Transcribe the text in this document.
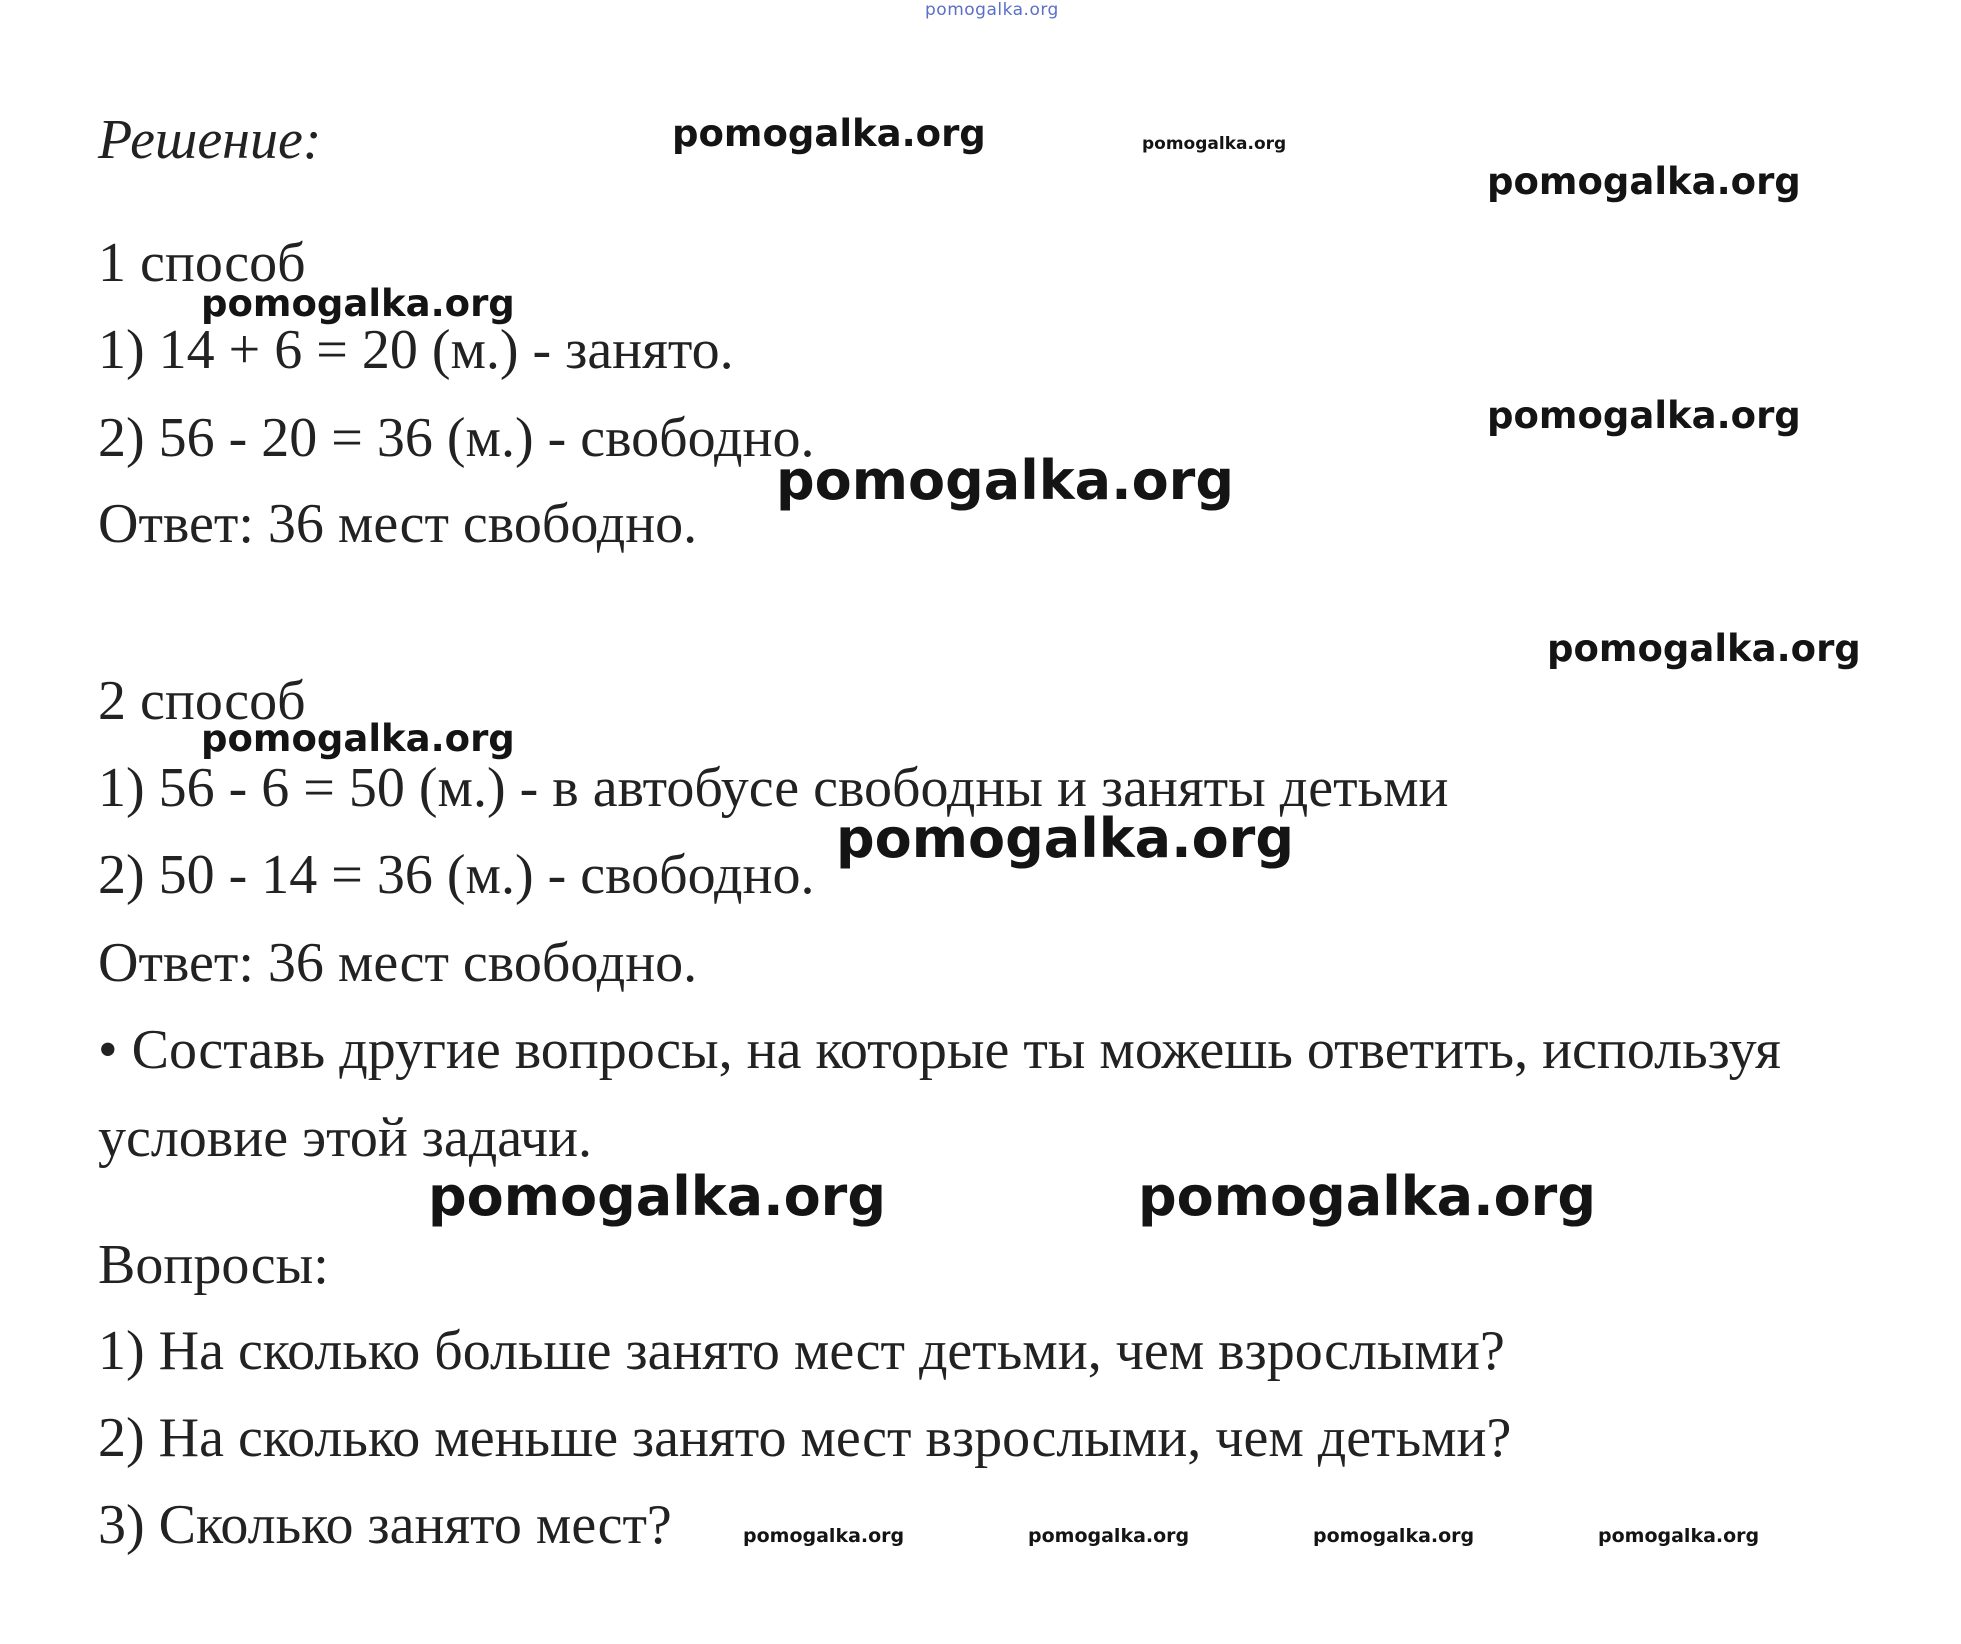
pomogalka.org
Решение:
1 способ
1) 14 + 6 = 20 (м.) - занято.
2) 56 - 20 = 36 (м.) - свободно.
Ответ: 36 мест свободно.
2 способ
1) 56 - 6 = 50 (м.) - в автобусе свободны и заняты детьми
2) 50 - 14 = 36 (м.) - свободно.
Ответ: 36 мест свободно.
• Составь другие вопросы, на которые ты можешь ответить, используя
условие этой задачи.
Вопросы:
1) На сколько больше занято мест детьми, чем взрослыми?
2) На сколько меньше занято мест взрослыми, чем детьми?
3) Сколько занято мест?
pomogalka.org	pomogalka.org
pomogalka.org
pomogalka.org
pomogalka.org
pomogalka.org
pomogalka.org
pomogalka.org
pomogalka.org
pomogalka.org	pomogalka.org
pomogalka.org	pomogalka.org	pomogalka.org	pomogalka.org
